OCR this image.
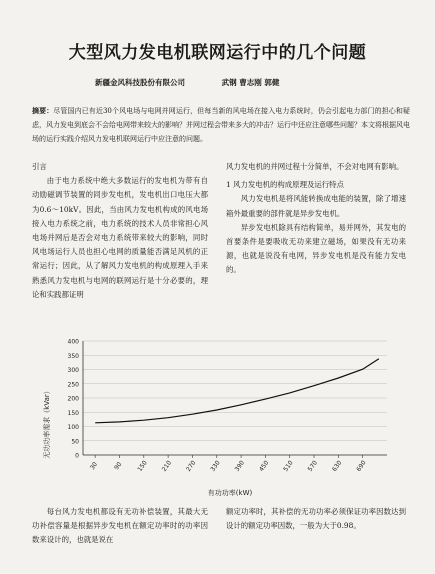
大型风力发电机联网运行中的几个问题
新疆金风科技股份有限公司	武钢 曹志刚 郭健
摘要：尽管国内已有近30个风电场与电网并网运行，但每当新的风电场在接入电力系统时，仍会引起电力部门的担心和疑虑，风力发电到底会不会给电网带来较大的影响？并网过程会带来多大的冲击？运行中还应注意哪些问题？本文将根据风电场的运行实践介绍风力发电机联网运行中应注意的问题。

引言

由于电力系统中绝大多数运行的发电机为带有自动励磁调节装置的同步发电机，发电机出口电压大都为0.6～10kV。因此，当由风力发电机构成的风电场接入电力系统之前，电力系统的技术人员非常担心风电场并网后是否会对电力系统带来较大的影响，同时风电场运行人员也担心电网的质量能否满足风机的正常运行；因此，从了解风力发电机的构成原理入手来熟悉风力发电机与电网的联网运行是十分必要的，理论和实践都证明

风力发电机的并网过程十分简单，不会对电网有影响。

1 风力发电机的构成原理及运行特点

风力发电机是将风能转换成电能的装置，除了增速箱外最重要的部件就是异步发电机。

异步发电机除具有结构简单，易并网外，其发电的首要条件是要吸收无功来建立磁场，如果没有无功来源，也就是说没有电网，异步发电机是没有能力发电的。

无功功率需求（kVar）
有功功率(kW)
0
50
100
150
200
250
300
350
400
30 90 150 210 270 330 390 450 510 570 630 690

每台风力发电机都设有无功补偿装置，其最大无功补偿容量是根据异步发电机在额定功率时的功率因数来设计的，也就是说在

额定功率时，其补偿的无功功率必须保证功率因数达到设计的额定功率因数，一般为大于0.98。
